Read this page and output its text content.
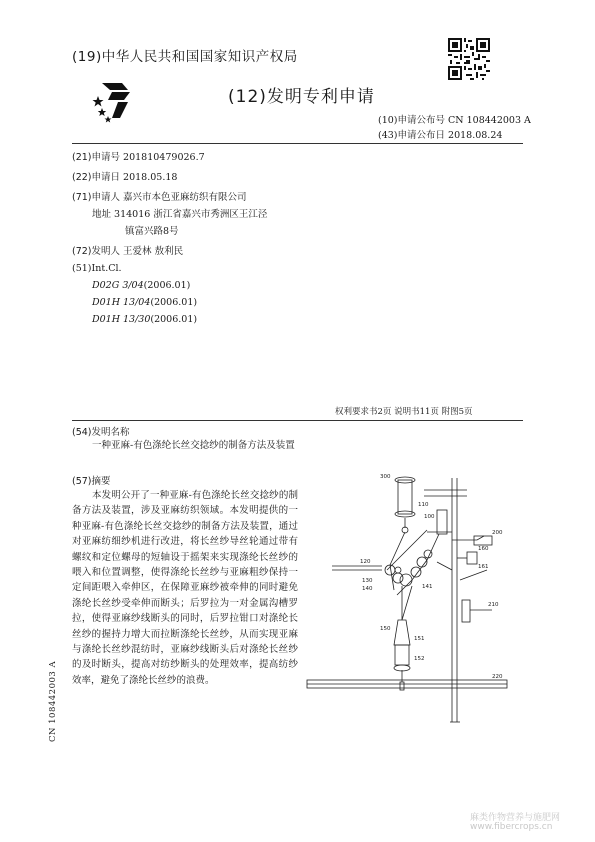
(19)中华人民共和国国家知识产权局
(12)发明专利申请
(10)申请公布号 CN 108442003 A
(43)申请公布日 2018.08.24
(21)申请号 201810479026.7
(22)申请日 2018.05.18
(71)申请人 嘉兴市本色亚麻纺织有限公司
地址 314016 浙江省嘉兴市秀洲区王江泾
镇富兴路8号
(72)发明人 王爱林 敖利民
(51)Int.Cl.
D02G 3/04(2006.01)
D01H 13/04(2006.01)
D01H 13/30(2006.01)
权利要求书2页 说明书11页 附图5页
(54)发明名称
一种亚麻-有色涤纶长丝交捻纱的制备方法及装置
(57)摘要
本发明公开了一种亚麻-有色涤纶长丝交捻纱的制备方法及装置，涉及亚麻纺织领域。本发明提供的一种亚麻-有色涤纶长丝交捻纱的制备方法及装置，通过对亚麻纺细纱机进行改进，将长丝纱导丝轮通过带有螺纹和定位螺母的短轴设于摇架来实现涤纶长丝纱的喂入和位置调整，使得涤纶长丝纱与亚麻粗纱保持一定间距喂入牵伸区，在保障亚麻纱被牵伸的同时避免涤纶长丝纱受牵伸而断头；后罗拉为一对金属沟槽罗拉，使得亚麻纱线断头的同时，后罗拉钳口对涤纶长丝纱的握持力增大而拉断涤纶长丝纱，从而实现亚麻与涤纶长丝纱混纺时，亚麻纱线断头后对涤纶长丝纱的及时断头，提高对纺纱断头的处理效率，提高纺纱效率，避免了涤纶长丝纱的浪费。
300
110
100
120
130
140	141
150
151
152
160
161
200
210
220
CN 108442003 A
麻类作物营养与施肥网
www.fibercrops.cn
